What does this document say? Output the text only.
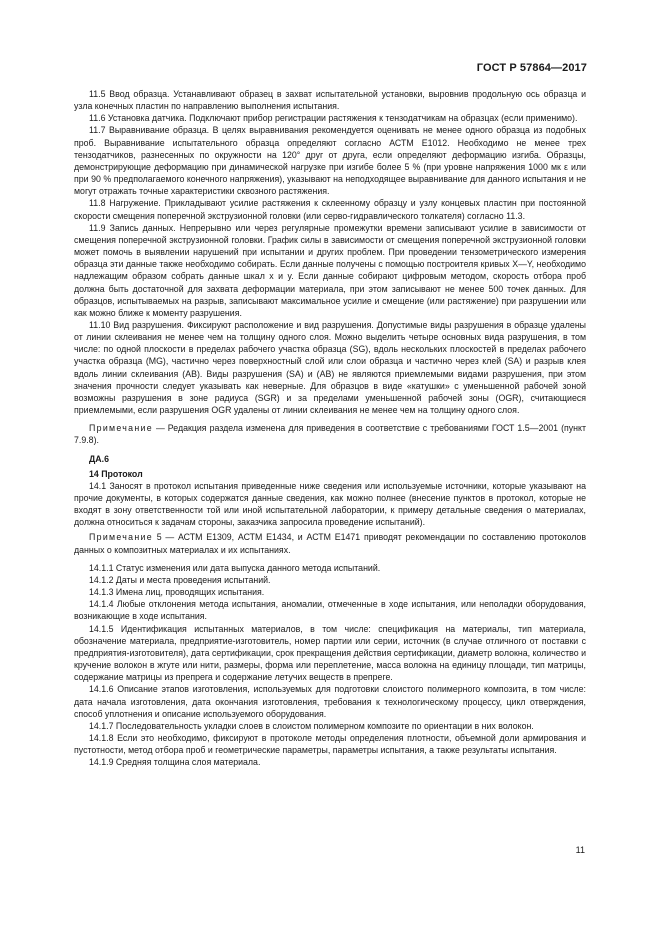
ГОСТ Р 57864—2017

11.5 Ввод образца. Устанавливают образец в захват испытательной установки, выровнив продольную ось образца и узла конечных пластин по направлению выполнения испытания.

11.6 Установка датчика. Подключают прибор регистрации растяжения к тензодатчикам на образцах (если применимо).

11.7 Выравнивание образца. В целях выравнивания рекомендуется оценивать не менее одного образца из подобных проб. Выравнивание испытательного образца определяют согласно АСТМ Е1012. Необходимо не менее трех тензодатчиков, разнесенных по окружности на 120° друг от друга, если определяют деформацию изгиба. Образцы, демонстрирующие деформацию при динамической нагрузке при изгибе более 5 % (при уровне напряжения 1000 мк ε или при 90 % предполагаемого конечного напряжения), указывают на неподходящее выравнивание для данного испытания и не могут отражать точные характеристики сквозного растяжения.

11.8 Нагружение. Прикладывают усилие растяжения к склеенному образцу и узлу концевых пластин при постоянной скорости смещения поперечной экструзионной головки (или серво-гидравлического толкателя) согласно 11.3.

11.9 Запись данных. Непрерывно или через регулярные промежутки времени записывают усилие в зависимости от смещения поперечной экструзионной головки. График силы в зависимости от смещения поперечной экструзионной головки может помочь в выявлении нарушений при испытании и других проблем. При проведении тензометрического измерения образца эти данные также необходимо собирать. Если данные получены с помощью построителя кривых X—Y, необходимо надлежащим образом собрать данные шкал x и y. Если данные собирают цифровым методом, скорость отбора проб должна быть достаточной для захвата деформации материала, при этом записывают не менее 500 точек данных. Для образцов, испытываемых на разрыв, записывают максимальное усилие и смещение (или растяжение) при разрушении или как можно ближе к моменту разрушения.

11.10 Вид разрушения. Фиксируют расположение и вид разрушения. Допустимые виды разрушения в образце удалены от линии склеивания не менее чем на толщину одного слоя. Можно выделить четыре основных вида разрушения, в том числе: по одной плоскости в пределах рабочего участка образца (SG), вдоль нескольких плоскостей в пределах рабочего участка образца (MG), частично через поверхностный слой или слои образца и частично через клей (SA) и разрыв клея вдоль линии склеивания (AB). Виды разрушения (SA) и (AB) не являются приемлемыми видами разрушения, при этом значения прочности следует указывать как неверные. Для образцов в виде «катушки» с уменьшенной рабочей зоной возможны разрушения в зоне радиуса (SGR) и за пределами уменьшенной рабочей зоны (OGR), считающиеся приемлемыми, если разрушения OGR удалены от линии склеивания не менее чем на толщину одного слоя.

Примечание — Редакция раздела изменена для приведения в соответствие с требованиями ГОСТ 1.5—2001 (пункт 7.9.8).

ДА.6

14 Протокол

14.1 Заносят в протокол испытания приведенные ниже сведения или используемые источники, которые указывают на прочие документы, в которых содержатся данные сведения, как можно полнее (внесение пунктов в протокол, которые не входят в зону ответственности той или иной испытательной лаборатории, к примеру детальные сведения о материалах, должна относиться к задачам стороны, заказчика запросила проведение испытаний).

Примечание 5 — АСТМ Е1309, АСТМ Е1434, и АСТМ Е1471 приводят рекомендации по составлению протоколов данных о композитных материалах и их испытаниях.

14.1.1 Статус изменения или дата выпуска данного метода испытаний.

14.1.2 Даты и места проведения испытаний.

14.1.3 Имена лиц, проводящих испытания.

14.1.4 Любые отклонения метода испытания, аномалии, отмеченные в ходе испытания, или неполадки оборудования, возникающие в ходе испытания.

14.1.5 Идентификация испытанных материалов, в том числе: спецификация на материалы, тип материала, обозначение материала, предприятие-изготовитель, номер партии или серии, источник (в случае отличного от поставки с предприятия-изготовителя), дата сертификации, срок прекращения действия сертификации, диаметр волокна, количество и кручение волокон в жгуте или нити, размеры, форма или переплетение, масса волокна на единицу площади, тип матрицы, содержание матрицы из препрега и содержание летучих веществ в препреге.

14.1.6 Описание этапов изготовления, используемых для подготовки слоистого полимерного композита, в том числе: дата начала изготовления, дата окончания изготовления, требования к технологическому процессу, цикл отверждения, способ уплотнения и описание используемого оборудования.

14.1.7 Последовательность укладки слоев в слоистом полимерном композите по ориентации в них волокон.

14.1.8 Если это необходимо, фиксируют в протоколе методы определения плотности, объемной доли армирования и пустотности, метод отбора проб и геометрические параметры, параметры испытания, а также результаты испытания.

14.1.9 Средняя толщина слоя материала.

11
